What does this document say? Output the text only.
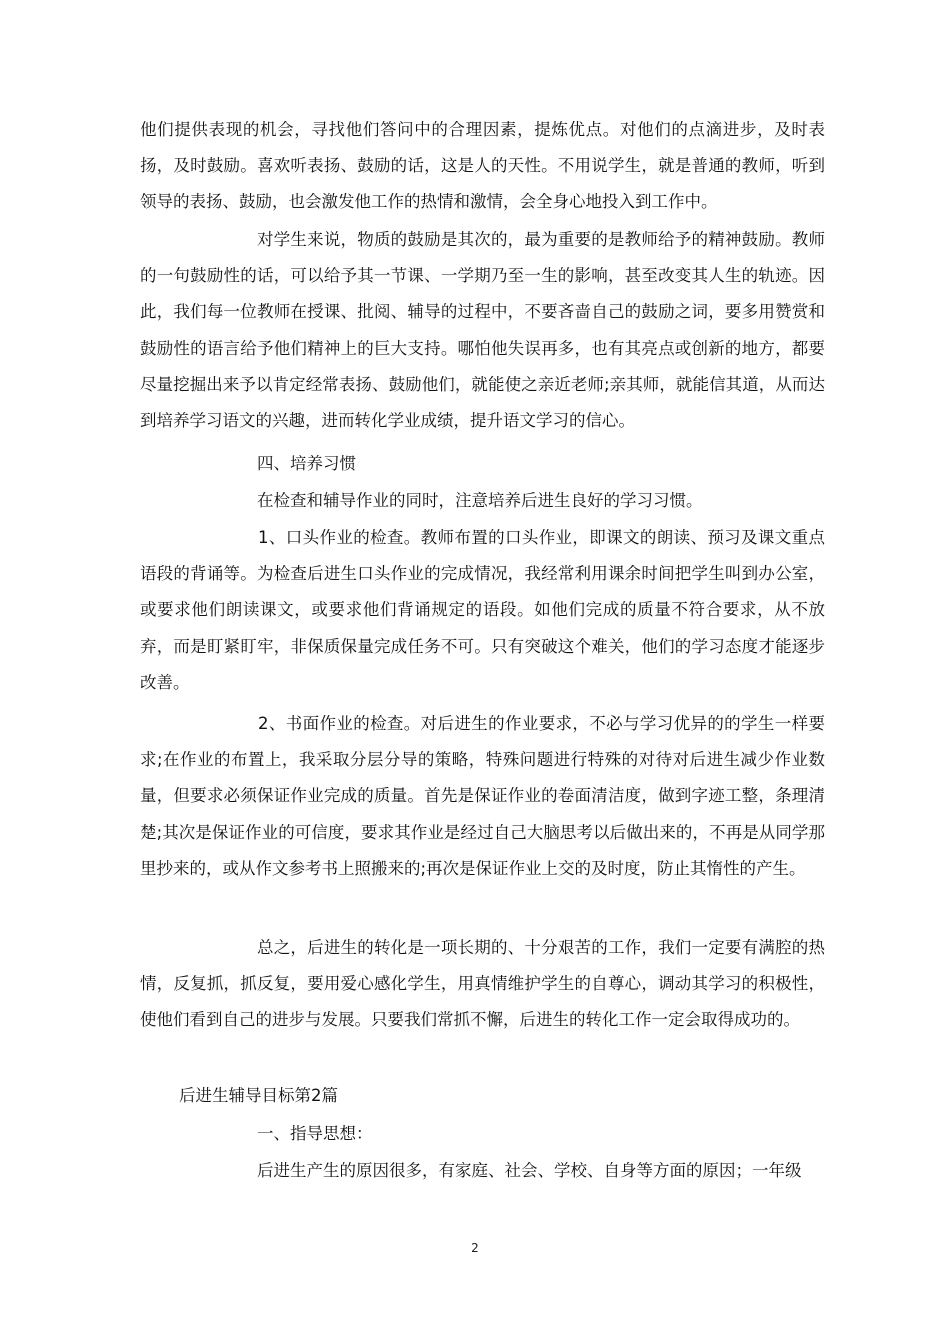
他们提供表现的机会，寻找他们答问中的合理因素，提炼优点。对他们的点滴进步，及时表扬，及时鼓励。喜欢听表扬、鼓励的话，这是人的天性。不用说学生，就是普通的教师，听到领导的表扬、鼓励，也会激发他工作的热情和激情，会全身心地投入到工作中。

　　　　　　　对学生来说，物质的鼓励是其次的，最为重要的是教师给予的精神鼓励。教师的一句鼓励性的话，可以给予其一节课、一学期乃至一生的影响，甚至改变其人生的轨迹。因此，我们每一位教师在授课、批阅、辅导的过程中，不要吝啬自己的鼓励之词，要多用赞赏和鼓励性的语言给予他们精神上的巨大支持。哪怕他失误再多，也有其亮点或创新的地方，都要尽量挖掘出来予以肯定经常表扬、鼓励他们，就能使之亲近老师;亲其师，就能信其道，从而达到培养学习语文的兴趣，进而转化学业成绩，提升语文学习的信心。

四、培养习惯

在检查和辅导作业的同时，注意培养后进生良好的学习习惯。

　　　　　　　1、口头作业的检查。教师布置的口头作业，即课文的朗读、预习及课文重点语段的背诵等。为检查后进生口头作业的完成情况，我经常利用课余时间把学生叫到办公室，或要求他们朗读课文，或要求他们背诵规定的语段。如他们完成的质量不符合要求，从不放弃，而是盯紧盯牢，非保质保量完成任务不可。只有突破这个难关，他们的学习态度才能逐步改善。

　　　　　　　2、书面作业的检查。对后进生的作业要求，不必与学习优异的的学生一样要求;在作业的布置上，我采取分层分导的策略，特殊问题进行特殊的对待对后进生减少作业数量，但要求必须保证作业完成的质量。首先是保证作业的卷面清洁度，做到字迹工整，条理清楚;其次是保证作业的可信度，要求其作业是经过自己大脑思考以后做出来的，不再是从同学那里抄来的，或从作文参考书上照搬来的;再次是保证作业上交的及时度，防止其惰性的产生。

　　　　　　　总之，后进生的转化是一项长期的、十分艰苦的工作，我们一定要有满腔的热情，反复抓，抓反复，要用爱心感化学生，用真情维护学生的自尊心，调动其学习的积极性，使他们看到自己的进步与发展。只要我们常抓不懈，后进生的转化工作一定会取得成功的。

后进生辅导目标第2篇

一、指导思想：

后进生产生的原因很多，有家庭、社会、学校、自身等方面的原因；一年级

2
